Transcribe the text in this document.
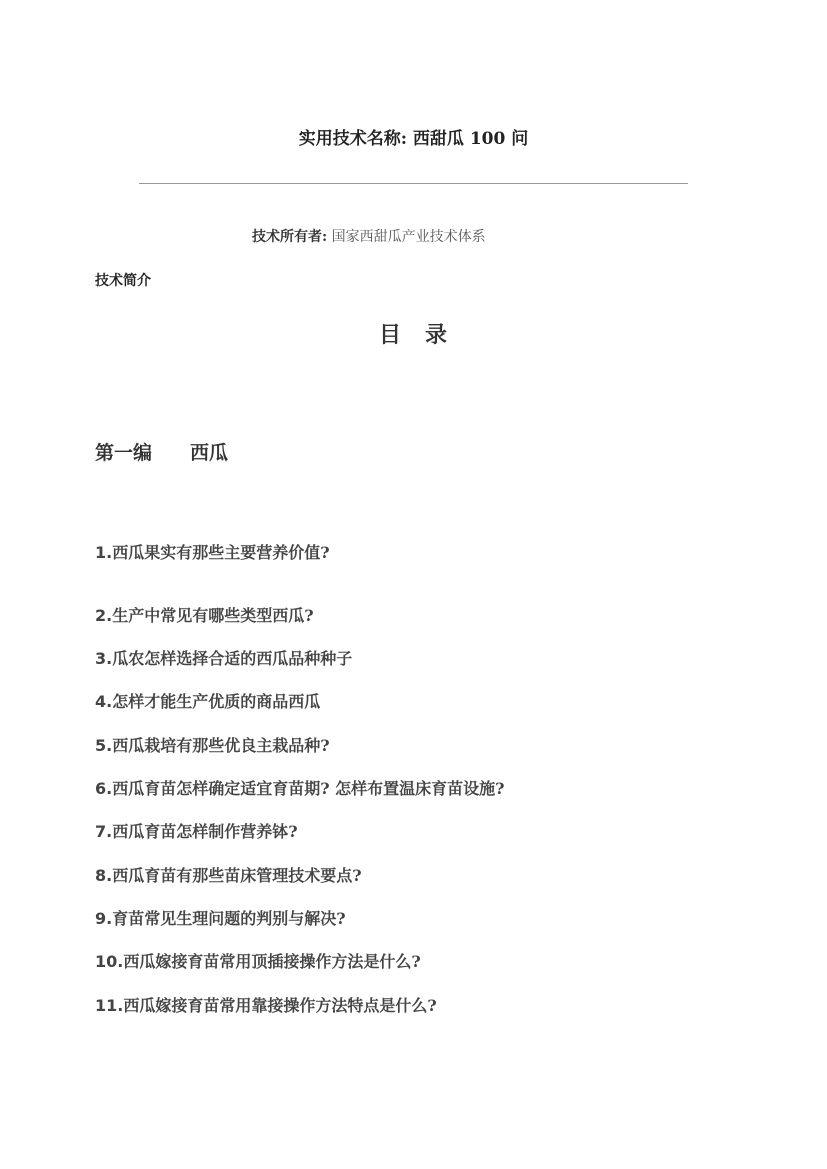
实用技术名称: 西甜瓜 100 问
技术所有者: 国家西甜瓜产业技术体系
技术简介
目　录
第一编 西瓜
1.西瓜果实有那些主要营养价值?
2.生产中常见有哪些类型西瓜?
3.瓜农怎样选择合适的西瓜品种种子
4.怎样才能生产优质的商品西瓜
5.西瓜栽培有那些优良主栽品种?
6.西瓜育苗怎样确定适宜育苗期? 怎样布置温床育苗设施?
7.西瓜育苗怎样制作营养钵?
8.西瓜育苗有那些苗床管理技术要点?
9.育苗常见生理问题的判别与解决?
10.西瓜嫁接育苗常用顶插接操作方法是什么?
11.西瓜嫁接育苗常用靠接操作方法特点是什么?
